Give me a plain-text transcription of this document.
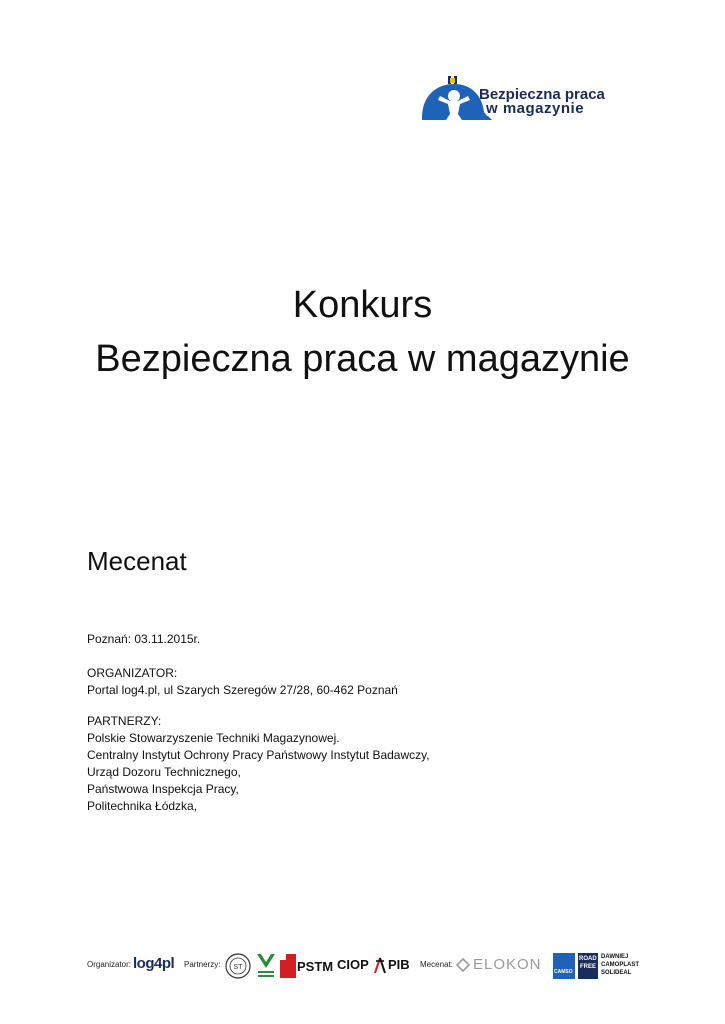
Bezpieczna praca
w magazynie
Konkurs
Bezpieczna praca w magazynie
Mecenat
Poznań: 03.11.2015r.
ORGANIZATOR:
Portal log4.pl, ul Szarych Szeregów 27/28, 60-462 Poznań
PARTNERZY:
Polskie Stowarzyszenie Techniki Magazynowej.
Centralny Instytut Ochrony Pracy Państwowy Instytut Badawczy,
Urząd Dozoru Technicznego,
Państwowa Inspekcja Pracy,
Politechnika Łódzka,
Organizator: log4pl Partnerzy: ST	PSTM CIOP PIB Mecenat: ELOKON CAMSO
ROAD
FREE
DAWNIEJ
CAMOPLAST
SOLIDEAL
